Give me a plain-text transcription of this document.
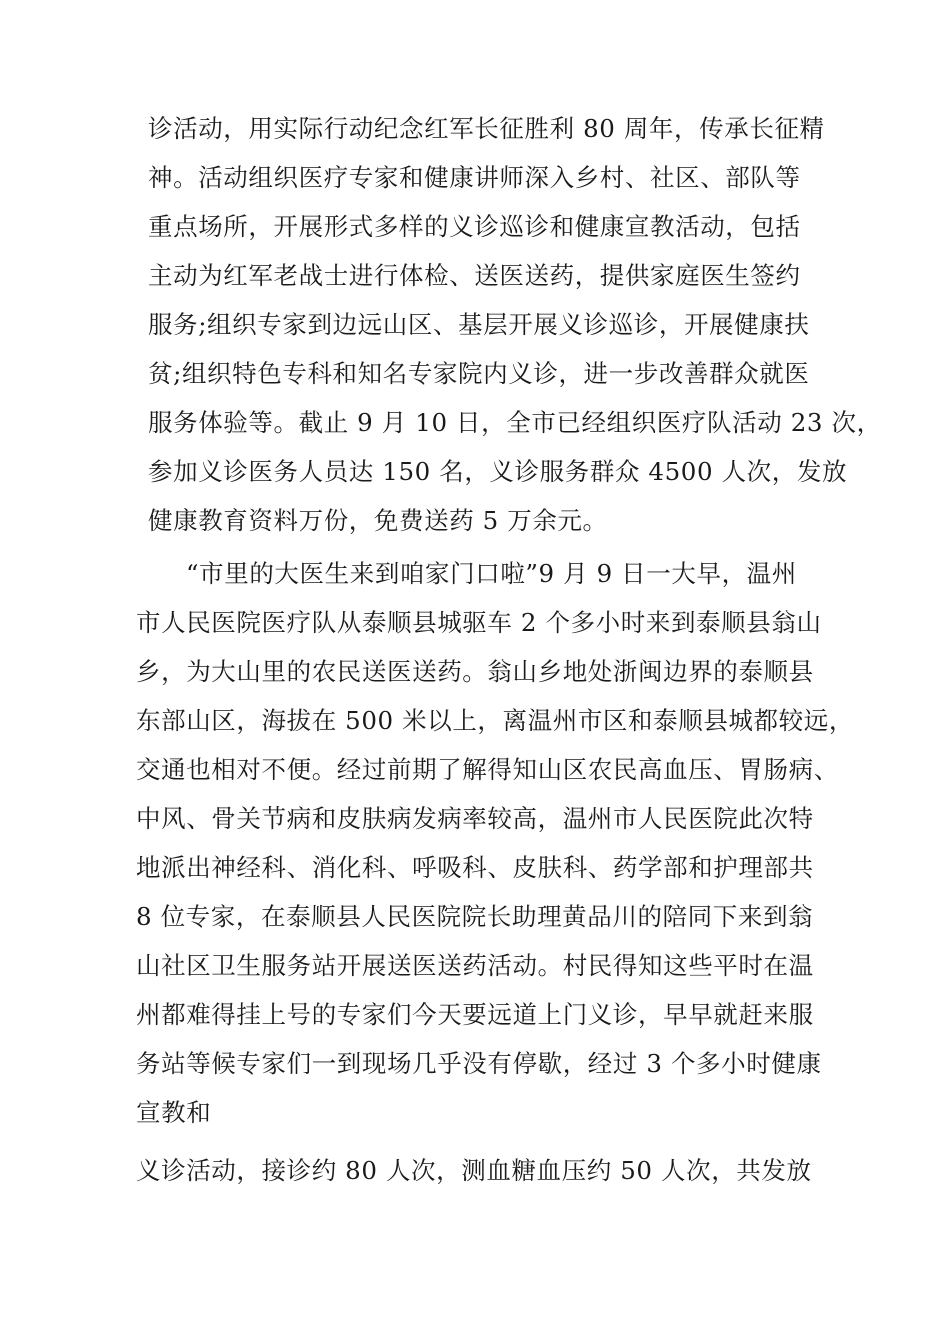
诊活动，用实际行动纪念红军长征胜利 80 周年，传承长征精
神。活动组织医疗专家和健康讲师深入乡村、社区、部队等
重点场所，开展形式多样的义诊巡诊和健康宣教活动，包括
主动为红军老战士进行体检、送医送药，提供家庭医生签约
服务;组织专家到边远山区、基层开展义诊巡诊，开展健康扶
贫;组织特色专科和知名专家院内义诊，进一步改善群众就医
服务体验等。截止 9 月 10 日，全市已经组织医疗队活动 23 次，
参加义诊医务人员达 150 名，义诊服务群众 4500 人次，发放
健康教育资料万份，免费送药 5 万余元。
“市里的大医生来到咱家门口啦”9 月 9 日一大早，温州
市人民医院医疗队从泰顺县城驱车 2 个多小时来到泰顺县翁山
乡，为大山里的农民送医送药。翁山乡地处浙闽边界的泰顺县
东部山区，海拔在 500 米以上，离温州市区和泰顺县城都较远，
交通也相对不便。经过前期了解得知山区农民高血压、胃肠病、
中风、骨关节病和皮肤病发病率较高，温州市人民医院此次特
地派出神经科、消化科、呼吸科、皮肤科、药学部和护理部共
8 位专家，在泰顺县人民医院院长助理黄品川的陪同下来到翁
山社区卫生服务站开展送医送药活动。村民得知这些平时在温
州都难得挂上号的专家们今天要远道上门义诊，早早就赶来服
务站等候专家们一到现场几乎没有停歇，经过 3 个多小时健康
宣教和
义诊活动，接诊约 80 人次，测血糖血压约 50 人次，共发放
